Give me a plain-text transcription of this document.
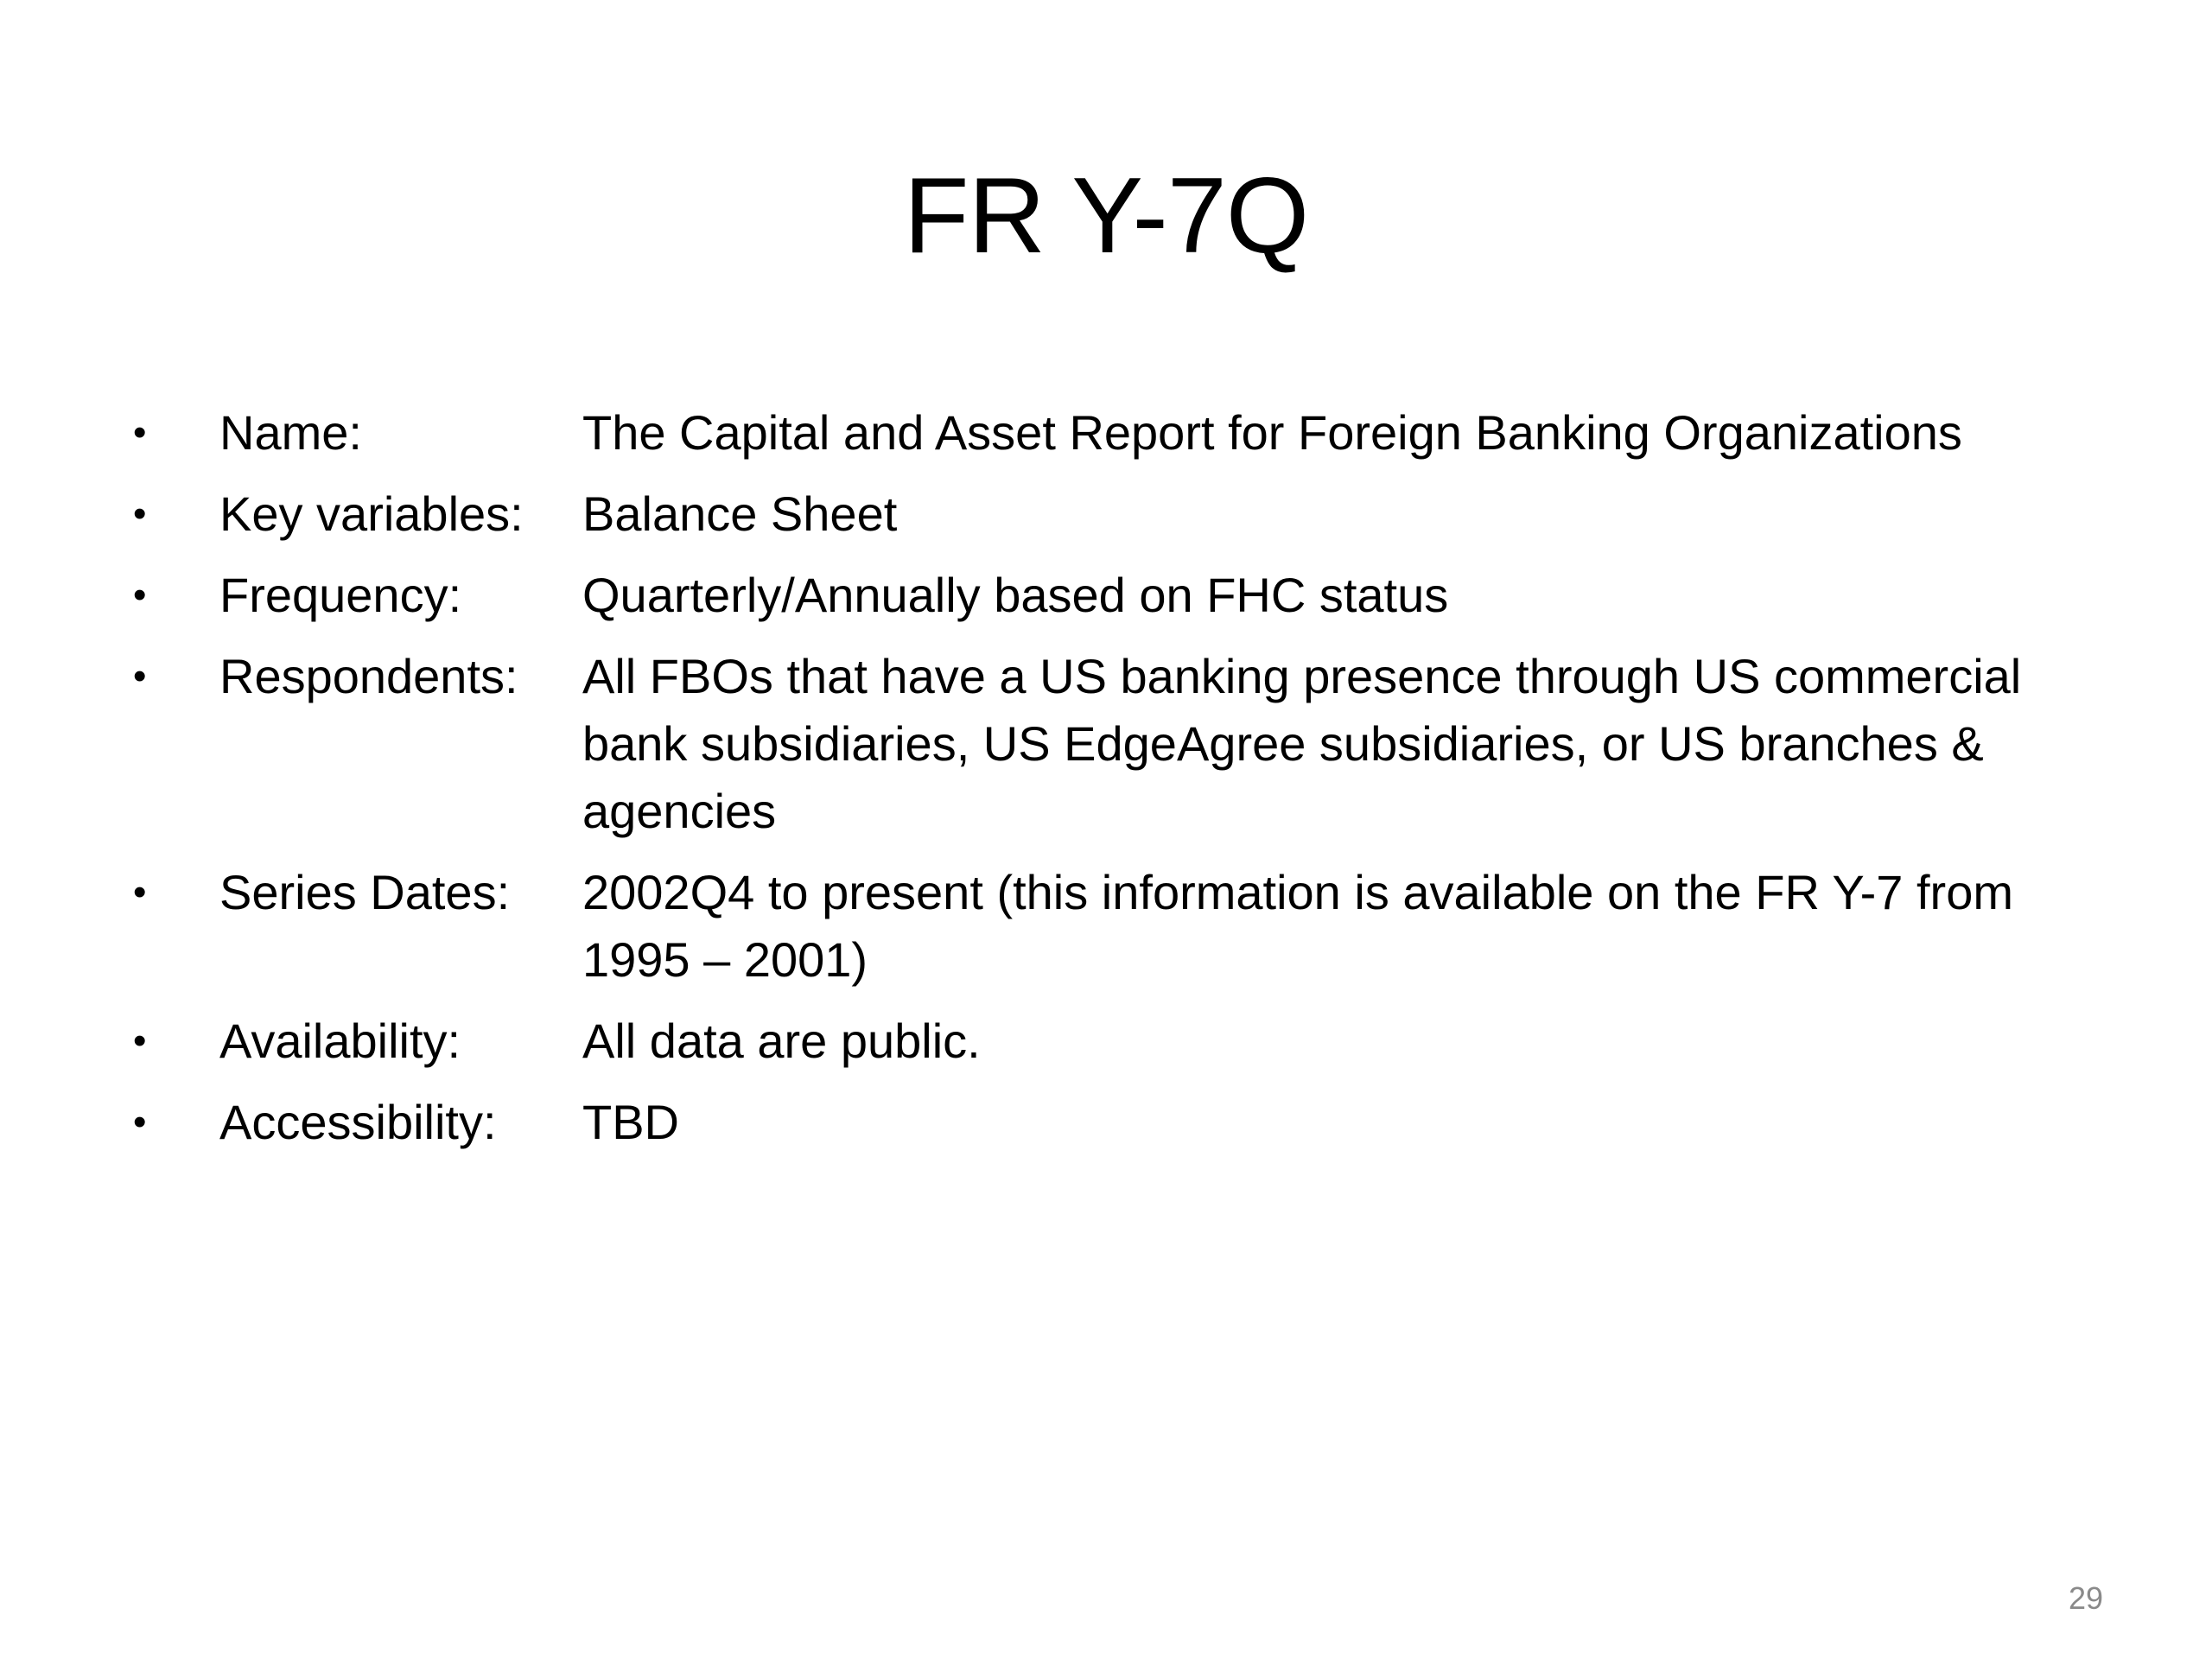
FR Y-7Q
•	Name:	The Capital and Asset Report for Foreign Banking Organizations
•	Key variables:	Balance Sheet
•	Frequency:	Quarterly/Annually based on FHC status
•	Respondents:	All FBOs that have a US banking presence through US commercial bank subsidiaries, US EdgeAgree subsidiaries, or US branches & agencies
•	Series Dates:	2002Q4 to present (this information is available on the FR Y-7 from 1995 – 2001)
•	Availability:	All data are public.
•	Accessibility:	TBD
29
